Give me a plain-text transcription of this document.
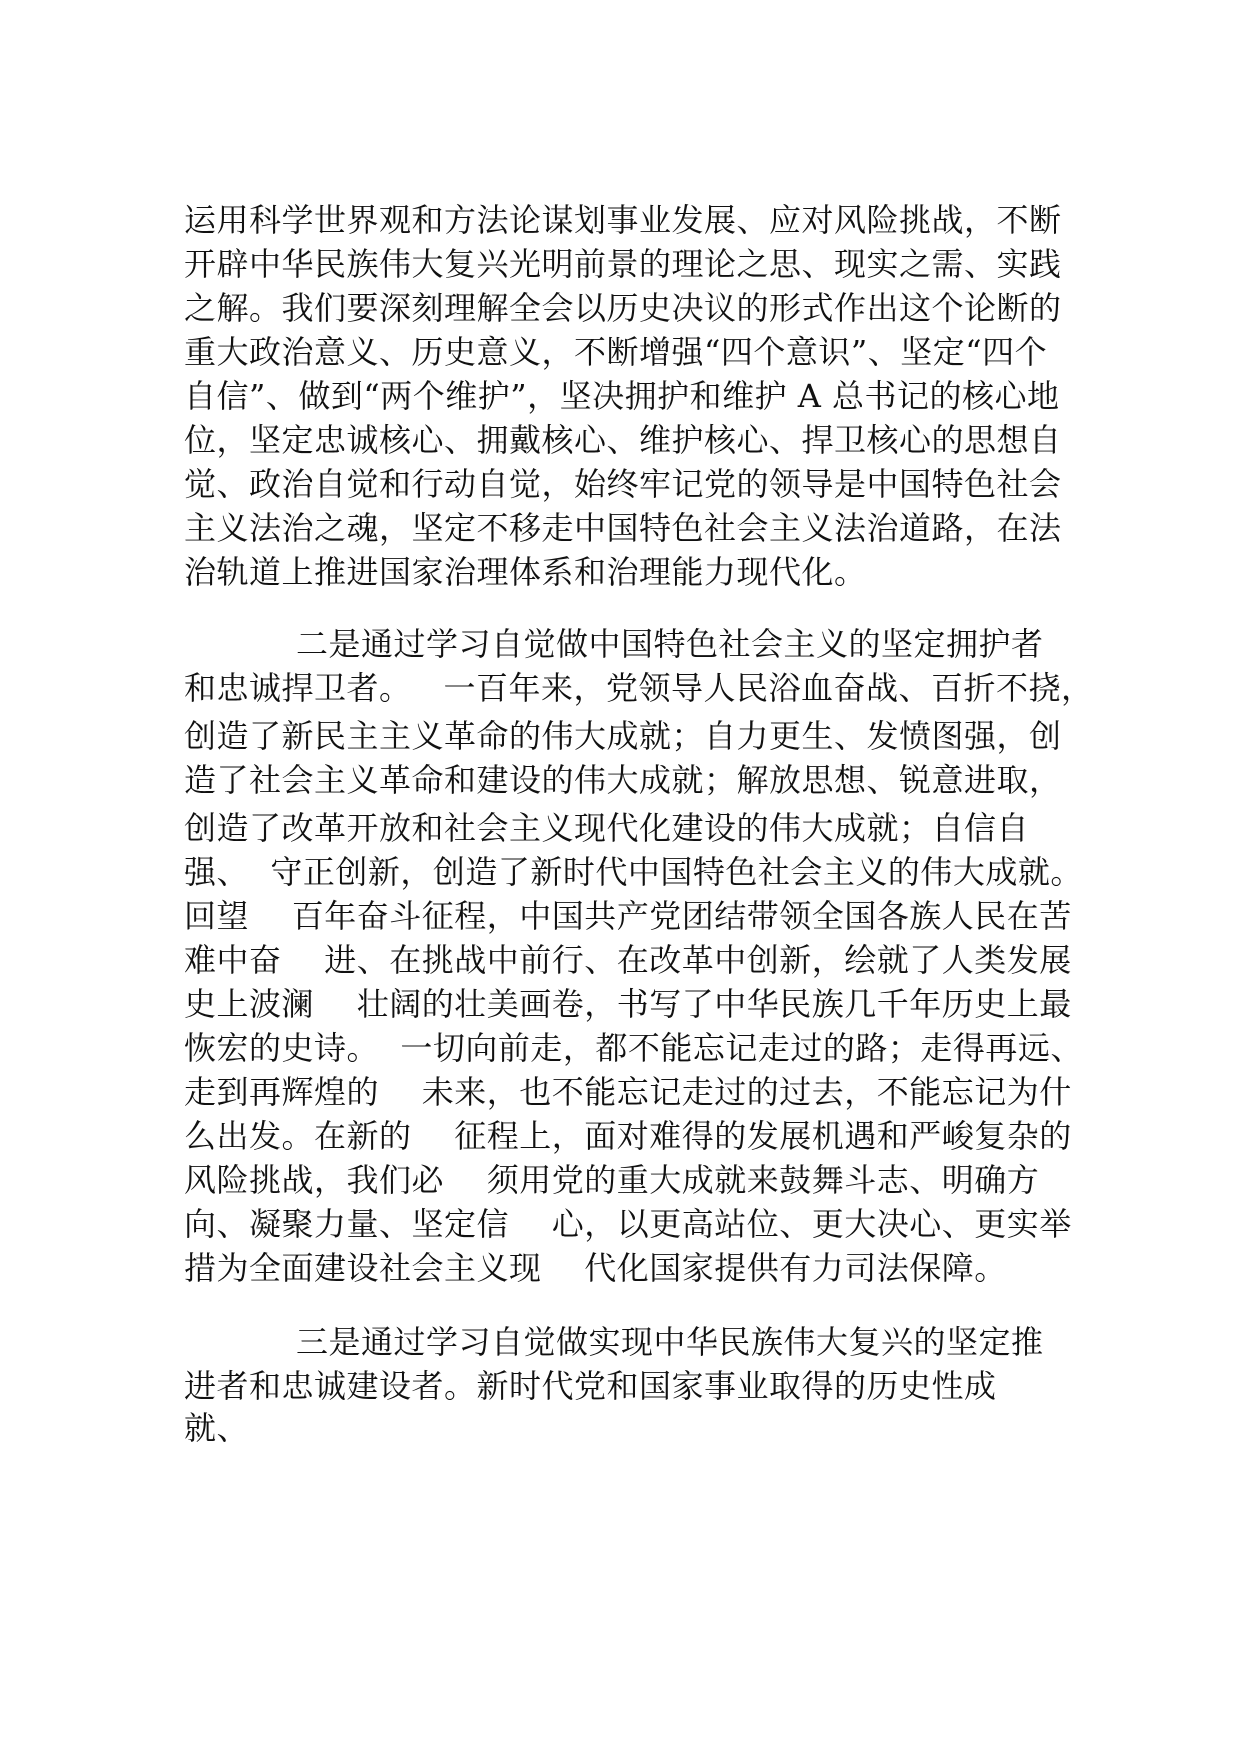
运用科学世界观和方法论谋划事业发展、应对风险挑战，不断
开辟中华民族伟大复兴光明前景的理论之思、现实之需、实践
之解。我们要深刻理解全会以历史决议的形式作出这个论断的
重大政治意义、历史意义，不断增强“四个意识”、坚定“四个
自信”、做到“两个维护”，坚决拥护和维护 A 总书记的核心地
位，坚定忠诚核心、拥戴核心、维护核心、捍卫核心的思想自
觉、政治自觉和行动自觉，始终牢记党的领导是中国特色社会
主义法治之魂，坚定不移走中国特色社会主义法治道路，在法
治轨道上推进国家治理体系和治理能力现代化。
二是通过学习自觉做中国特色社会主义的坚定拥护者
和忠诚捍卫者。   一百年来，党领导人民浴血奋战、百折不挠，
创造了新民主主义革命的伟大成就；自力更生、发愤图强，创
造了社会主义革命和建设的伟大成就；解放思想、锐意进取，
创造了改革开放和社会主义现代化建设的伟大成就；自信自
强、  守正创新，创造了新时代中国特色社会主义的伟大成就。
回望    百年奋斗征程，中国共产党团结带领全国各族人民在苦
难中奋    进、在挑战中前行、在改革中创新，绘就了人类发展
史上波澜    壮阔的壮美画卷，书写了中华民族几千年历史上最
恢宏的史诗。  一切向前走，都不能忘记走过的路；走得再远、
走到再辉煌的    未来，也不能忘记走过的过去，不能忘记为什
么出发。在新的    征程上，面对难得的发展机遇和严峻复杂的
风险挑战，我们必    须用党的重大成就来鼓舞斗志、明确方
向、凝聚力量、坚定信    心，以更高站位、更大决心、更实举
措为全面建设社会主义现    代化国家提供有力司法保障。
三是通过学习自觉做实现中华民族伟大复兴的坚定推
进者和忠诚建设者。新时代党和国家事业取得的历史性成
就、
